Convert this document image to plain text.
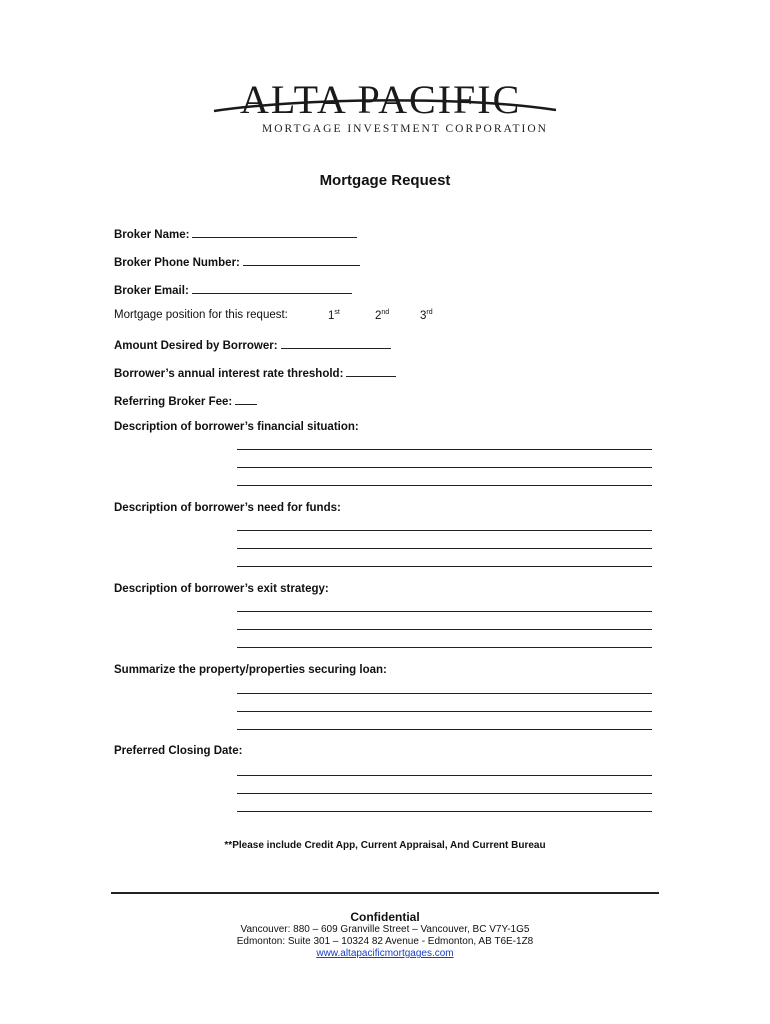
ALTA PACIFIC
MORTGAGE INVESTMENT CORPORATION
Mortgage Request
Broker Name:
Broker Phone Number:
Broker Email:
Mortgage position for this request:	1st	2nd	3rd
Amount Desired by Borrower:
Borrower’s annual interest rate threshold:
Referring Broker Fee:
Description of borrower’s financial situation:
Description of borrower’s need for funds:
Description of borrower’s exit strategy:
Summarize the property/properties securing loan:
Preferred Closing Date:
**Please include Credit App, Current Appraisal, And Current Bureau
Confidential
Vancouver: 880 – 609 Granville Street – Vancouver, BC V7Y-1G5
Edmonton: Suite 301 – 10324 82 Avenue - Edmonton, AB T6E-1Z8
www.altapacificmortgages.com
